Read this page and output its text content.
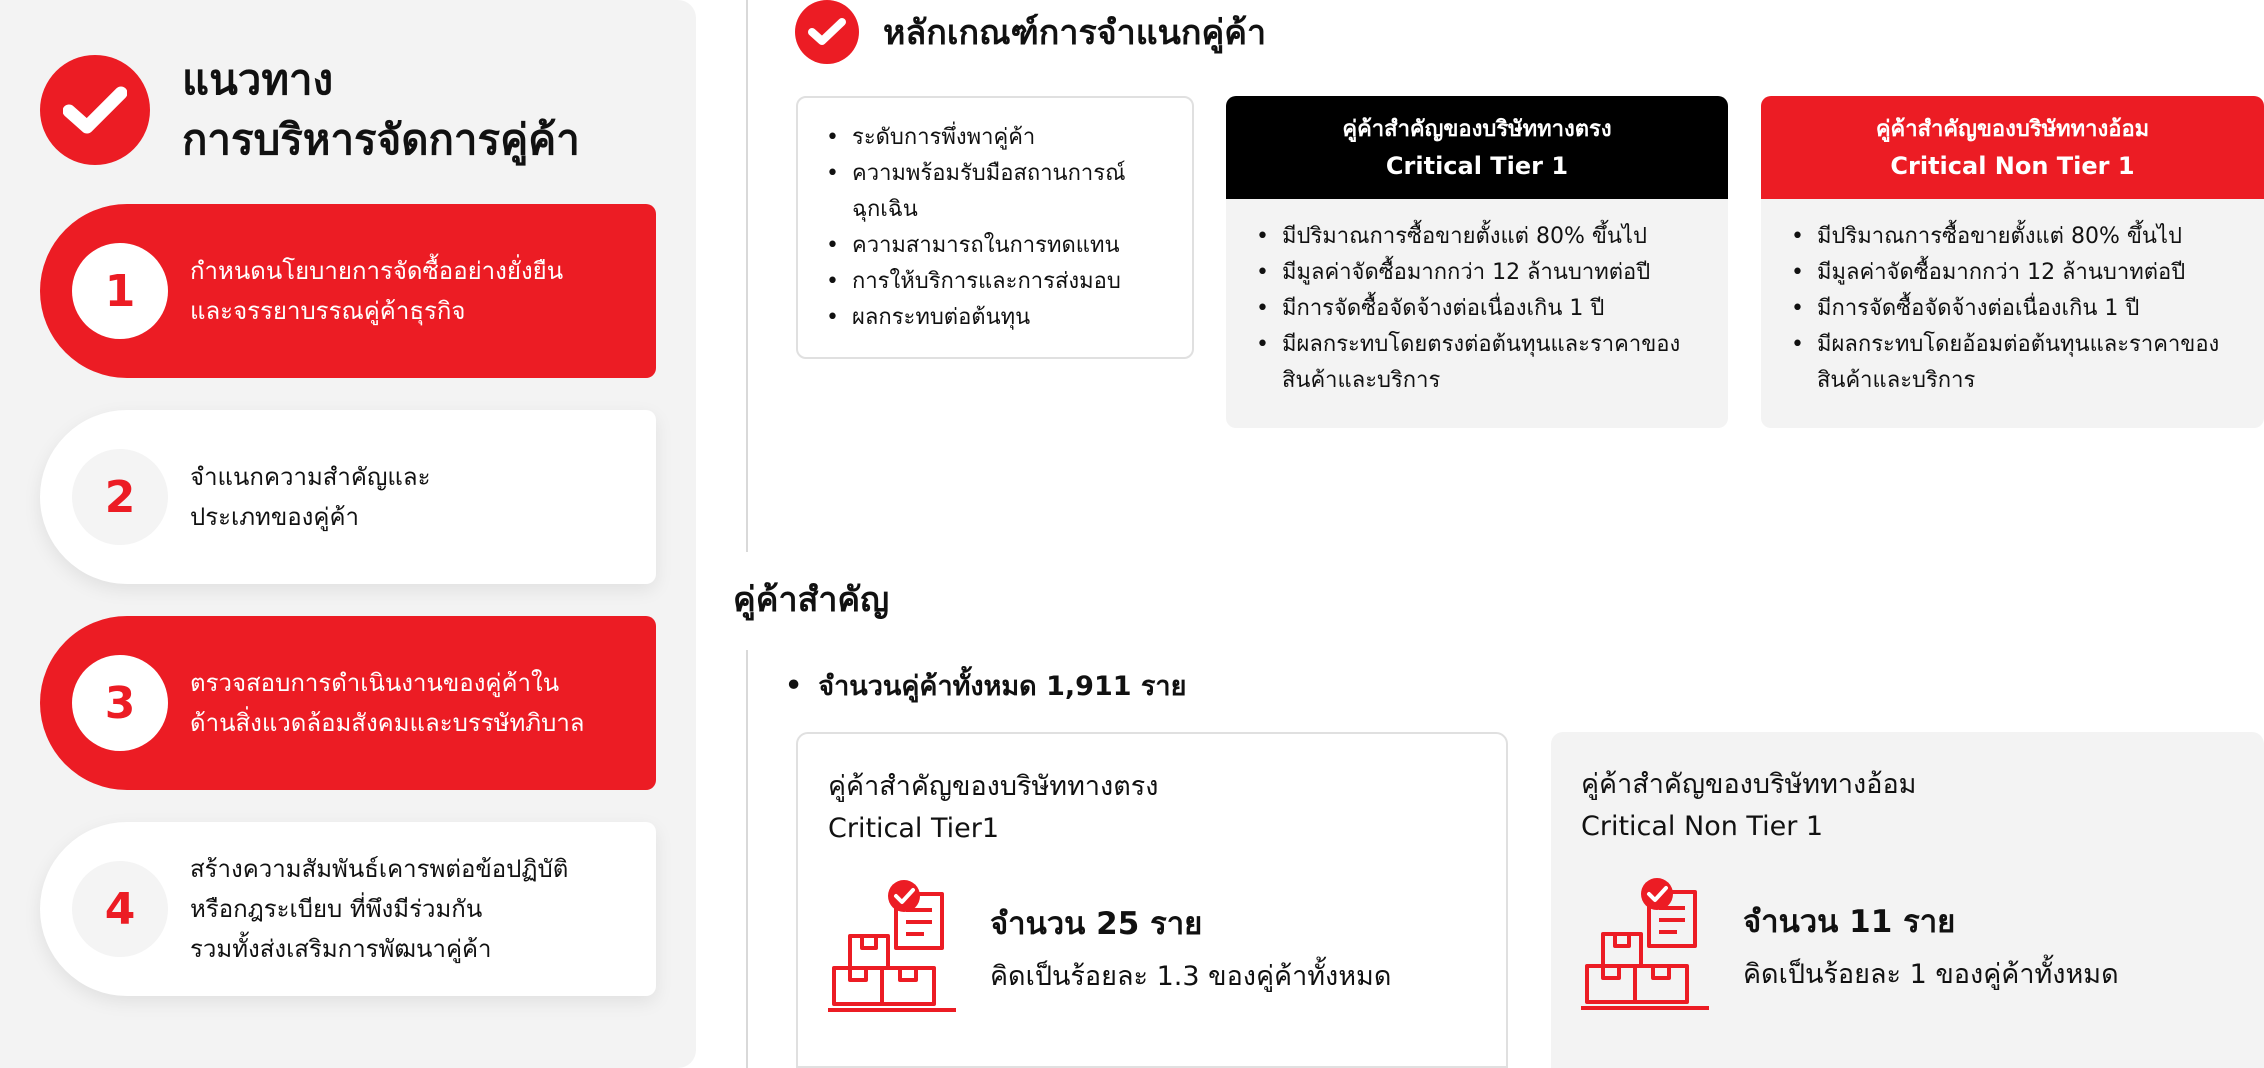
แนวทาง
การบริหารจัดการคู่ค้า
1	กำหนดนโยบายการจัดซื้ออย่างยั่งยืน
และจรรยาบรรณคู่ค้าธุรกิจ
2	จำแนกความสำคัญและ
ประเภทของคู่ค้า
3	ตรวจสอบการดำเนินงานของคู่ค้าใน
ด้านสิ่งแวดล้อมสังคมและบรรษัทภิบาล
4
สร้างความสัมพันธ์เคารพต่อข้อปฏิบัติ
หรือกฎระเบียบ ที่พึงมีร่วมกัน
รวมทั้งส่งเสริมการพัฒนาคู่ค้า
หลักเกณฑ์การจำแนกคู่ค้า
• ระดับการพึ่งพาคู่ค้า
• ความพร้อมรับมือสถานการณ์ฉุกเฉิน
• ความสามารถในการทดแทน
• การให้บริการและการส่งมอบ
• ผลกระทบต่อต้นทุน
คู่ค้าสำคัญของบริษัททางตรง
Critical Tier 1
• มีปริมาณการซื้อขายตั้งแต่ 80% ขึ้นไป
• มีมูลค่าจัดซื้อมากกว่า 12 ล้านบาทต่อปี
• มีการจัดซื้อจัดจ้างต่อเนื่องเกิน 1 ปี
• มีผลกระทบโดยตรงต่อต้นทุนและราคาของสินค้าและบริการ
คู่ค้าสำคัญของบริษัททางอ้อม
Critical Non Tier 1
• มีปริมาณการซื้อขายตั้งแต่ 80% ขึ้นไป
• มีมูลค่าจัดซื้อมากกว่า 12 ล้านบาทต่อปี
• มีการจัดซื้อจัดจ้างต่อเนื่องเกิน 1 ปี
• มีผลกระทบโดยอ้อมต่อต้นทุนและราคาของสินค้าและบริการ
คู่ค้าสำคัญ
• จำนวนคู่ค้าทั้งหมด 1,911 ราย
คู่ค้าสำคัญของบริษัททางตรง
Critical Tier1
จำนวน 25 ราย
คิดเป็นร้อยละ 1.3 ของคู่ค้าทั้งหมด
คู่ค้าสำคัญของบริษัททางอ้อม
Critical Non Tier 1
จำนวน 11 ราย
คิดเป็นร้อยละ 1 ของคู่ค้าทั้งหมด
